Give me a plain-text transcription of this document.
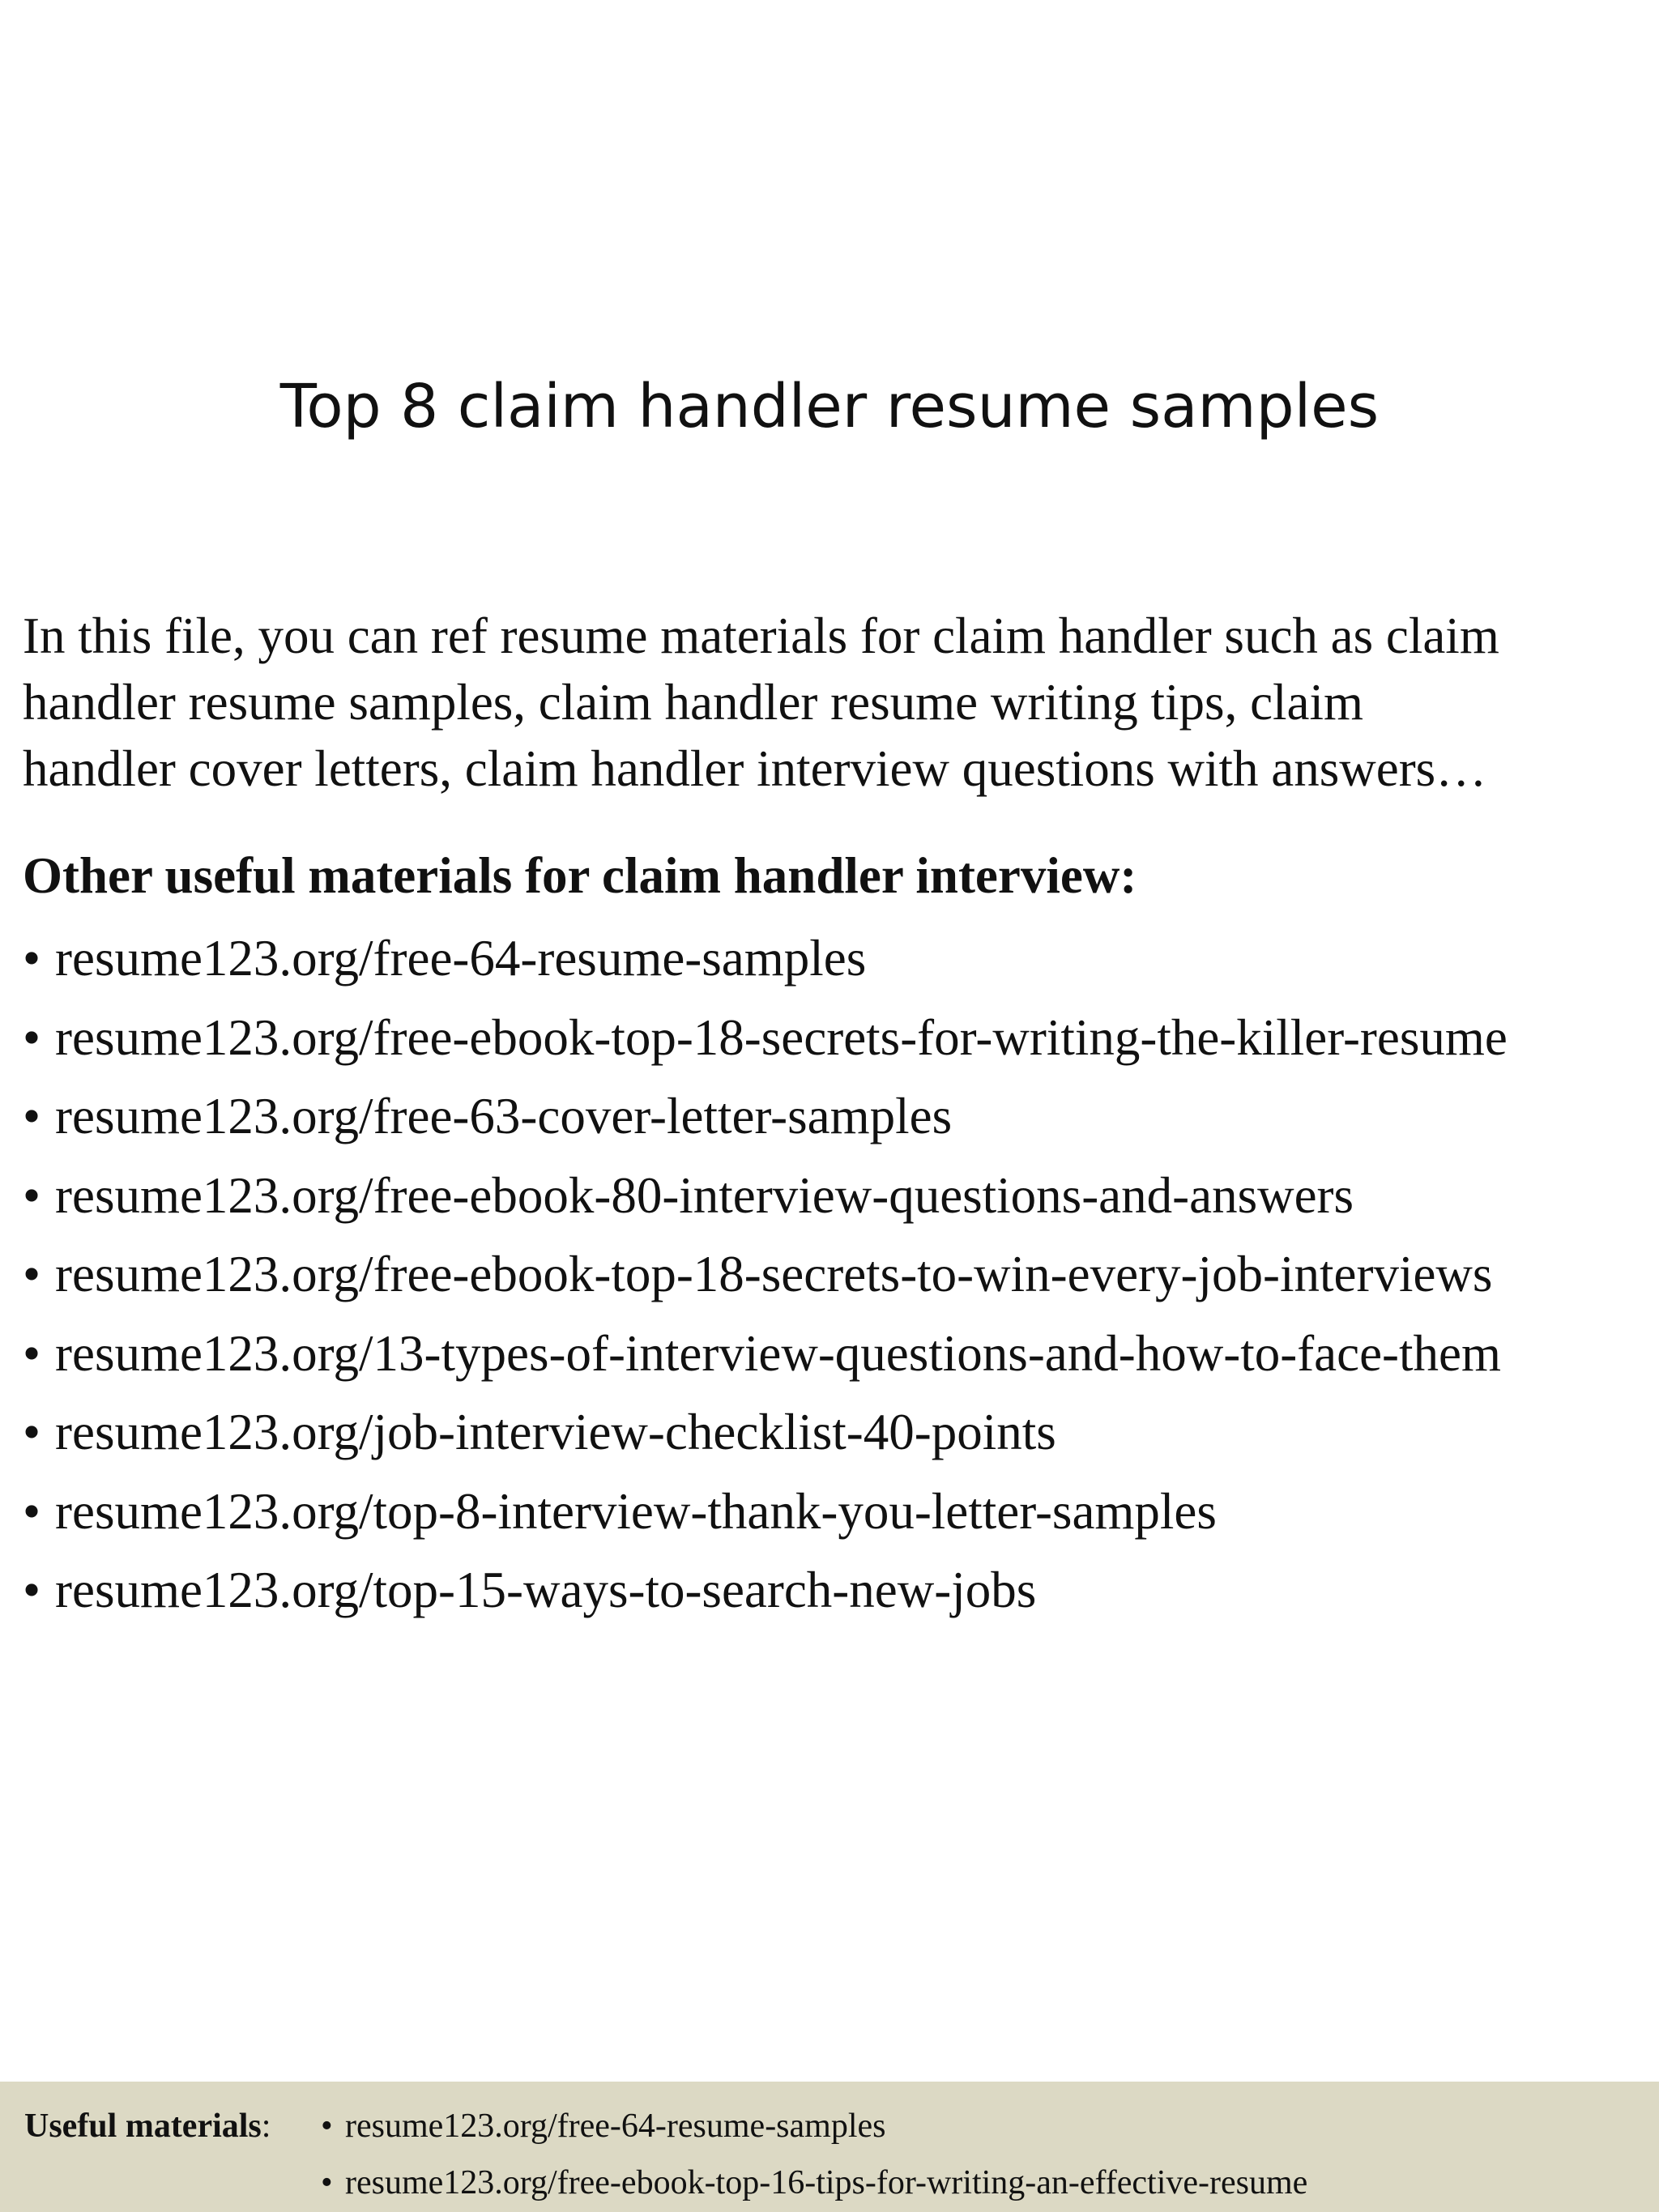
Top 8 claim handler resume samples

In this file, you can ref resume materials for claim handler such as claim
handler resume samples, claim handler resume writing tips, claim
handler cover letters, claim handler interview questions with answers…

Other useful materials for claim handler interview:
• resume123.org/free-64-resume-samples
• resume123.org/free-ebook-top-18-secrets-for-writing-the-killer-resume
• resume123.org/free-63-cover-letter-samples
• resume123.org/free-ebook-80-interview-questions-and-answers
• resume123.org/free-ebook-top-18-secrets-to-win-every-job-interviews
• resume123.org/13-types-of-interview-questions-and-how-to-face-them
• resume123.org/job-interview-checklist-40-points
• resume123.org/top-8-interview-thank-you-letter-samples
• resume123.org/top-15-ways-to-search-new-jobs
Useful materials: • resume123.org/free-64-resume-samples
• resume123.org/free-ebook-top-16-tips-for-writing-an-effective-resume
